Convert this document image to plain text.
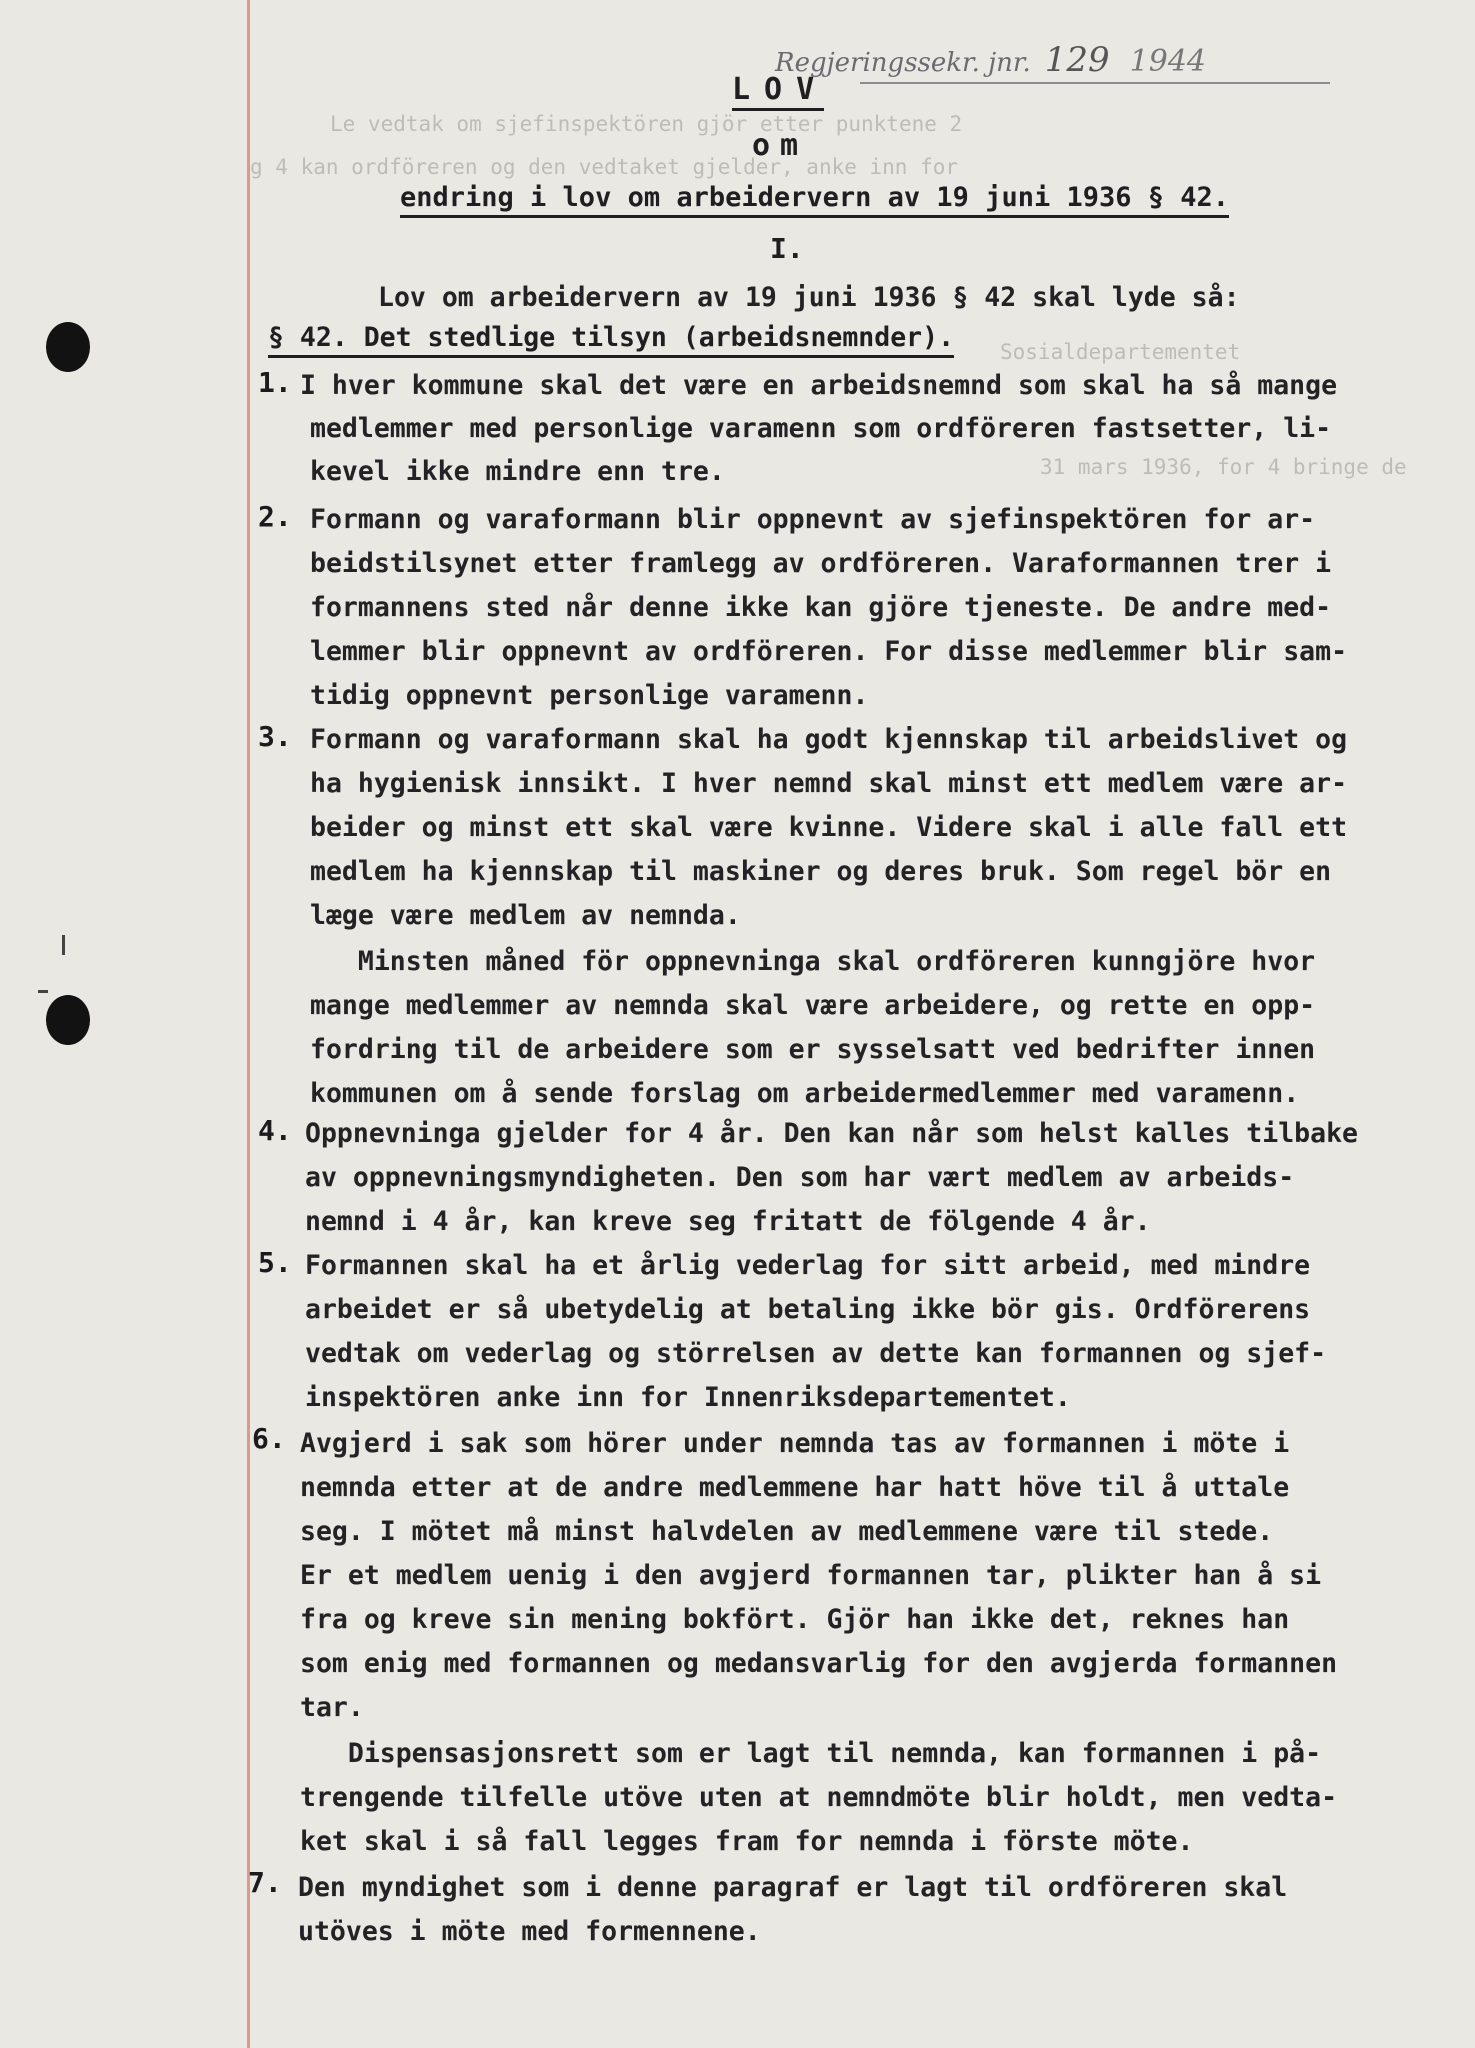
Regjeringssekr. jnr. 129 1944
Le vedtak om sjefinspektören gjör etter punktene 2
g 4 kan ordföreren og den vedtaket gjelder, anke inn for
Sosialdepartementet
31 mars 1936, for 4 bringe de
LOV
om
endring i lov om arbeidervern av 19 juni 1936 § 42.
I.
Lov om arbeidervern av 19 juni 1936 § 42 skal lyde så:
§ 42. Det stedlige tilsyn (arbeidsnemnder).
1. I hver kommune skal det være en arbeidsnemnd som skal ha så mange
medlemmer med personlige varamenn som ordföreren fastsetter, li-
kevel ikke mindre enn tre.
2. Formann og varaformann blir oppnevnt av sjefinspektören for ar-
beidstilsynet etter framlegg av ordföreren. Varaformannen trer i
formannens sted når denne ikke kan gjöre tjeneste. De andre med-
lemmer blir oppnevnt av ordföreren. For disse medlemmer blir sam-
tidig oppnevnt personlige varamenn.
3. Formann og varaformann skal ha godt kjennskap til arbeidslivet og
ha hygienisk innsikt. I hver nemnd skal minst ett medlem være ar-
beider og minst ett skal være kvinne. Videre skal i alle fall ett
medlem ha kjennskap til maskiner og deres bruk. Som regel bör en
læge være medlem av nemnda.
Minsten måned för oppnevninga skal ordföreren kunngjöre hvor
mange medlemmer av nemnda skal være arbeidere, og rette en opp-
fordring til de arbeidere som er sysselsatt ved bedrifter innen
kommunen om å sende forslag om arbeidermedlemmer med varamenn.
4. Oppnevninga gjelder for 4 år. Den kan når som helst kalles tilbake
av oppnevningsmyndigheten. Den som har vært medlem av arbeids-
nemnd i 4 år, kan kreve seg fritatt de fölgende 4 år.
5. Formannen skal ha et årlig vederlag for sitt arbeid, med mindre
arbeidet er så ubetydelig at betaling ikke bör gis. Ordförerens
vedtak om vederlag og störrelsen av dette kan formannen og sjef-
inspektören anke inn for Innenriksdepartementet.
6. Avgjerd i sak som hörer under nemnda tas av formannen i möte i
nemnda etter at de andre medlemmene har hatt höve til å uttale
seg. I mötet må minst halvdelen av medlemmene være til stede.
Er et medlem uenig i den avgjerd formannen tar, plikter han å si
fra og kreve sin mening bokfört. Gjör han ikke det, reknes han
som enig med formannen og medansvarlig for den avgjerda formannen
tar.
Dispensasjonsrett som er lagt til nemnda, kan formannen i på-
trengende tilfelle utöve uten at nemndmöte blir holdt, men vedta-
ket skal i så fall legges fram for nemnda i förste möte.
7. Den myndighet som i denne paragraf er lagt til ordföreren skal
utöves i möte med formennene.
